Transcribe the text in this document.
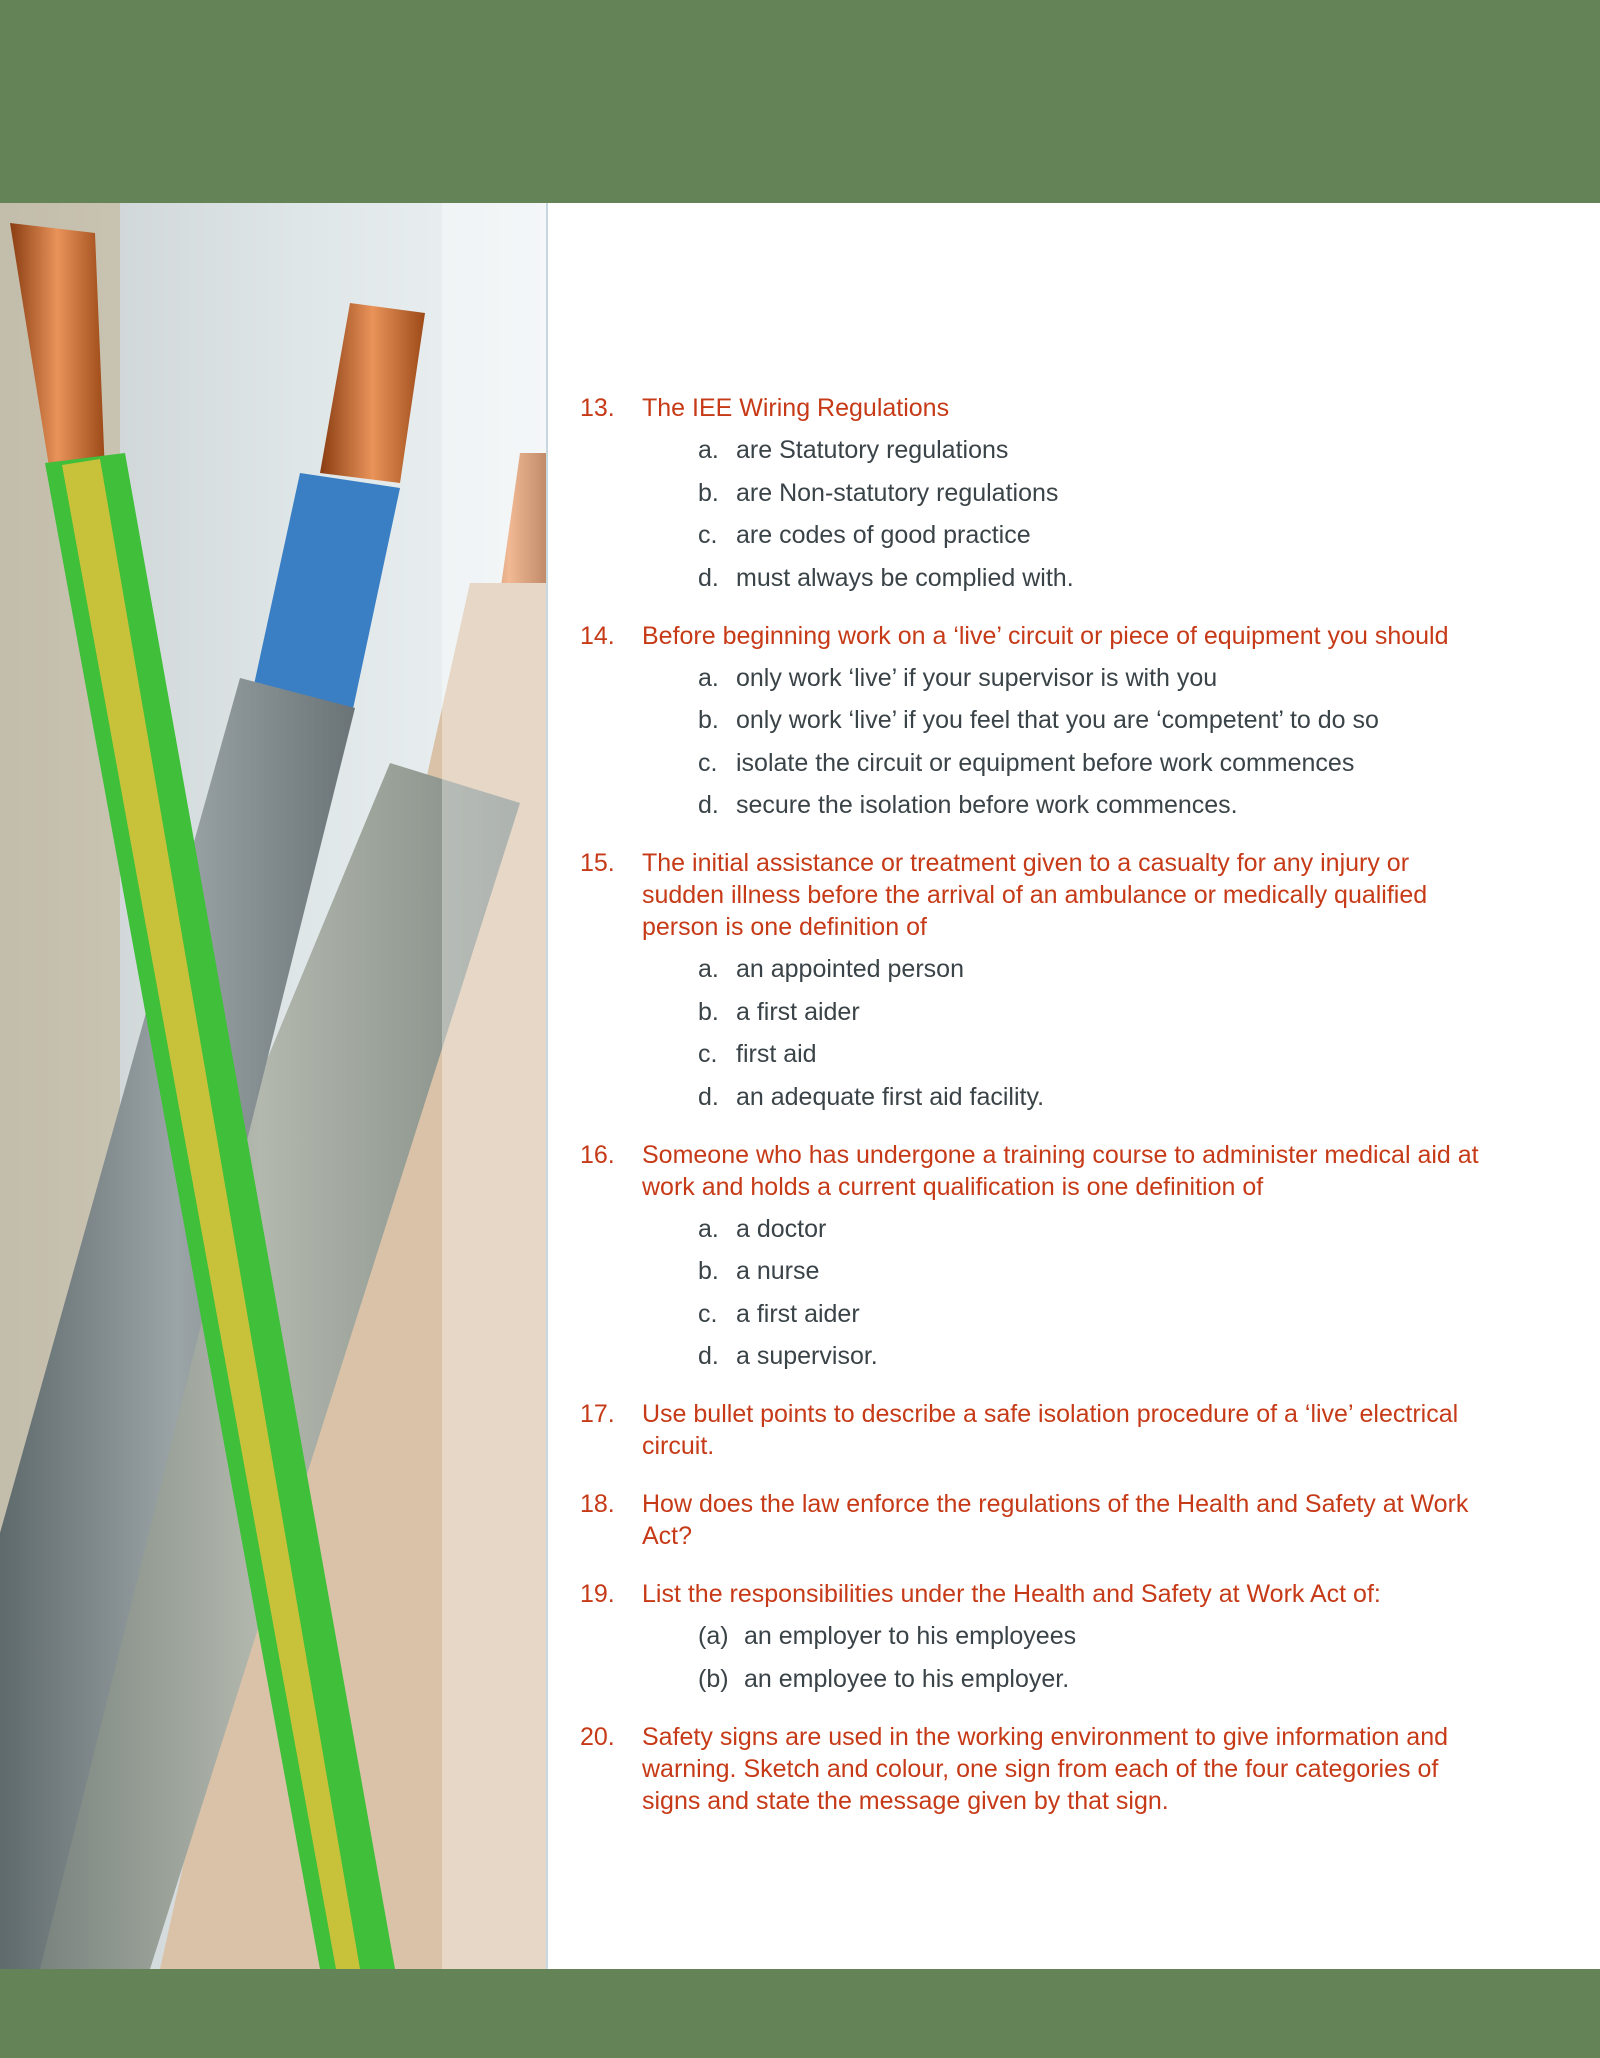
13. The IEE Wiring Regulations

a. are Statutory regulations
b. are Non-statutory regulations
c. are codes of good practice
d. must always be complied with.
14. Before beginning work on a ‘live’ circuit or piece of equipment you should

a. only work ‘live’ if your supervisor is with you
b. only work ‘live’ if you feel that you are ‘competent’ to do so
c. isolate the circuit or equipment before work commences
d. secure the isolation before work commences.
15. The initial assistance or treatment given to a casualty for any injury or sudden illness before the arrival of an ambulance or medically qualified person is one definition of

a. an appointed person
b. a first aider
c. first aid
d. an adequate first aid facility.
16. Someone who has undergone a training course to administer medical aid at work and holds a current qualification is one definition of

a. a doctor
b. a nurse
c. a first aider
d. a supervisor.
17. Use bullet points to describe a safe isolation procedure of a ‘live’ electrical circuit.

18. How does the law enforce the regulations of the Health and Safety at Work Act?

19. List the responsibilities under the Health and Safety at Work Act of:

(a) an employer to his employees
(b) an employee to his employer.
20. Safety signs are used in the working environment to give information and warning. Sketch and colour, one sign from each of the four categories of signs and state the message given by that sign.
